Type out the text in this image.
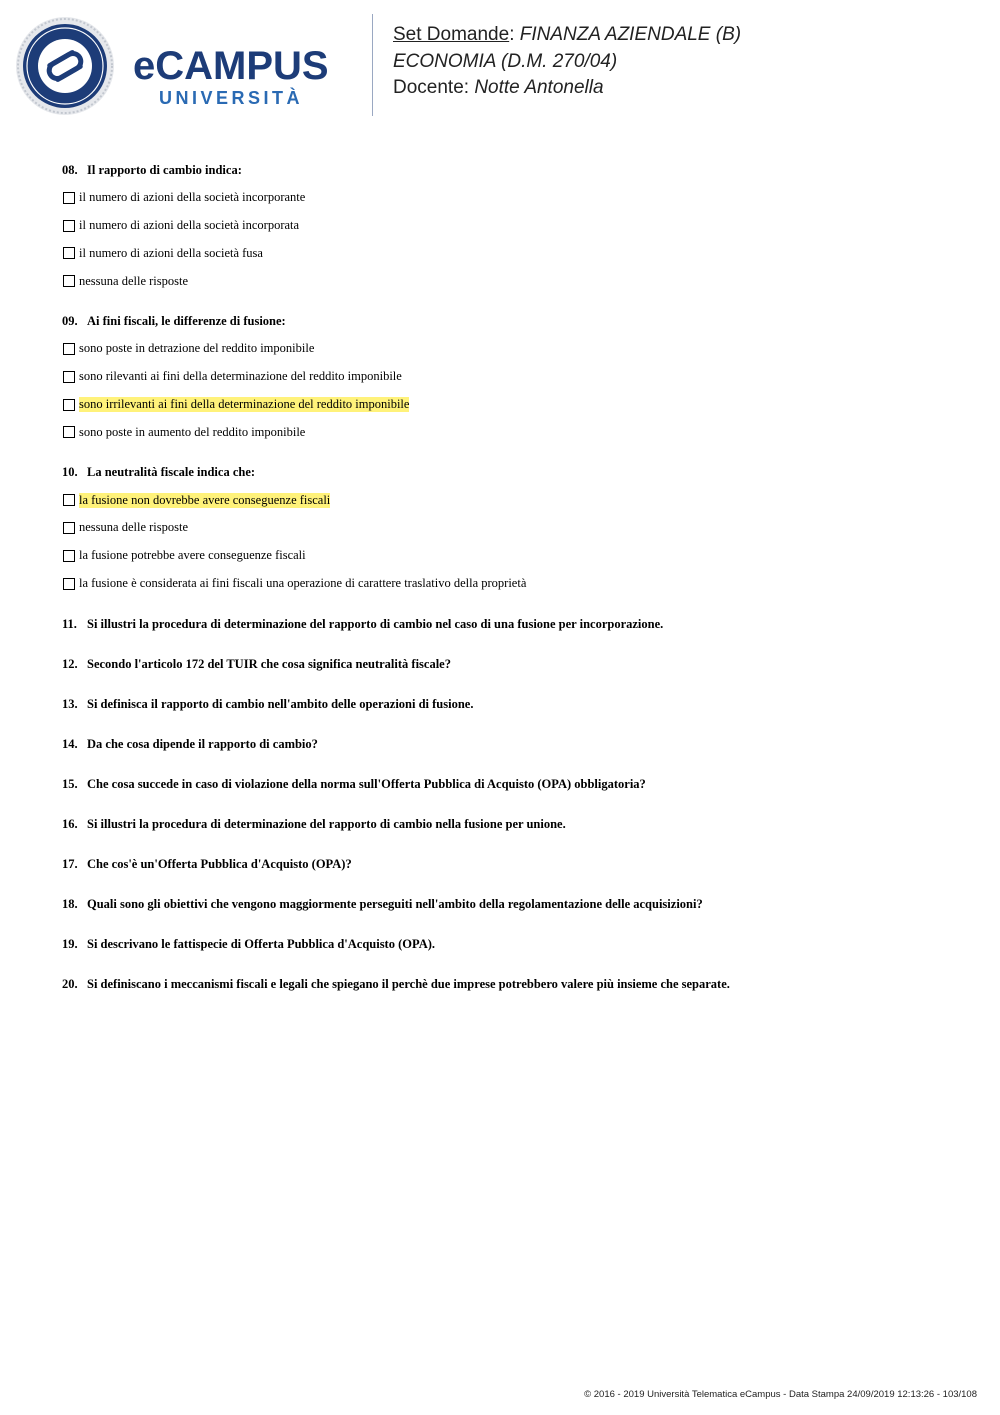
eCAMPUS
UNIVERSITÀ
Set Domande: FINANZA AZIENDALE (B)
ECONOMIA (D.M. 270/04)
Docente: Notte Antonella
08. Il rapporto di cambio indica:
il numero di azioni della società incorporante
il numero di azioni della società incorporata
il numero di azioni della società fusa
nessuna delle risposte
09. Ai fini fiscali, le differenze di fusione:
sono poste in detrazione del reddito imponibile
sono rilevanti ai fini della determinazione del reddito imponibile
sono irrilevanti ai fini della determinazione del reddito imponibile
sono poste in aumento del reddito imponibile
10. La neutralità fiscale indica che:
la fusione non dovrebbe avere conseguenze fiscali
nessuna delle risposte
la fusione potrebbe avere conseguenze fiscali
la fusione è considerata ai fini fiscali una operazione di carattere traslativo della proprietà
11. Si illustri la procedura di determinazione del rapporto di cambio nel caso di una fusione per incorporazione.
12. Secondo l'articolo 172 del TUIR che cosa significa neutralità fiscale?
13. Si definisca il rapporto di cambio nell'ambito delle operazioni di fusione.
14. Da che cosa dipende il rapporto di cambio?
15. Che cosa succede in caso di violazione della norma sull'Offerta Pubblica di Acquisto (OPA) obbligatoria?
16. Si illustri la procedura di determinazione del rapporto di cambio nella fusione per unione.
17. Che cos'è un'Offerta Pubblica d'Acquisto (OPA)?
18. Quali sono gli obiettivi che vengono maggiormente perseguiti nell'ambito della regolamentazione delle acquisizioni?
19. Si descrivano le fattispecie di Offerta Pubblica d'Acquisto (OPA).
20. Si definiscano i meccanismi fiscali e legali che spiegano il perchè due imprese potrebbero valere più insieme che separate.
© 2016 - 2019 Università Telematica eCampus - Data Stampa 24/09/2019 12:13:26 - 103/108
